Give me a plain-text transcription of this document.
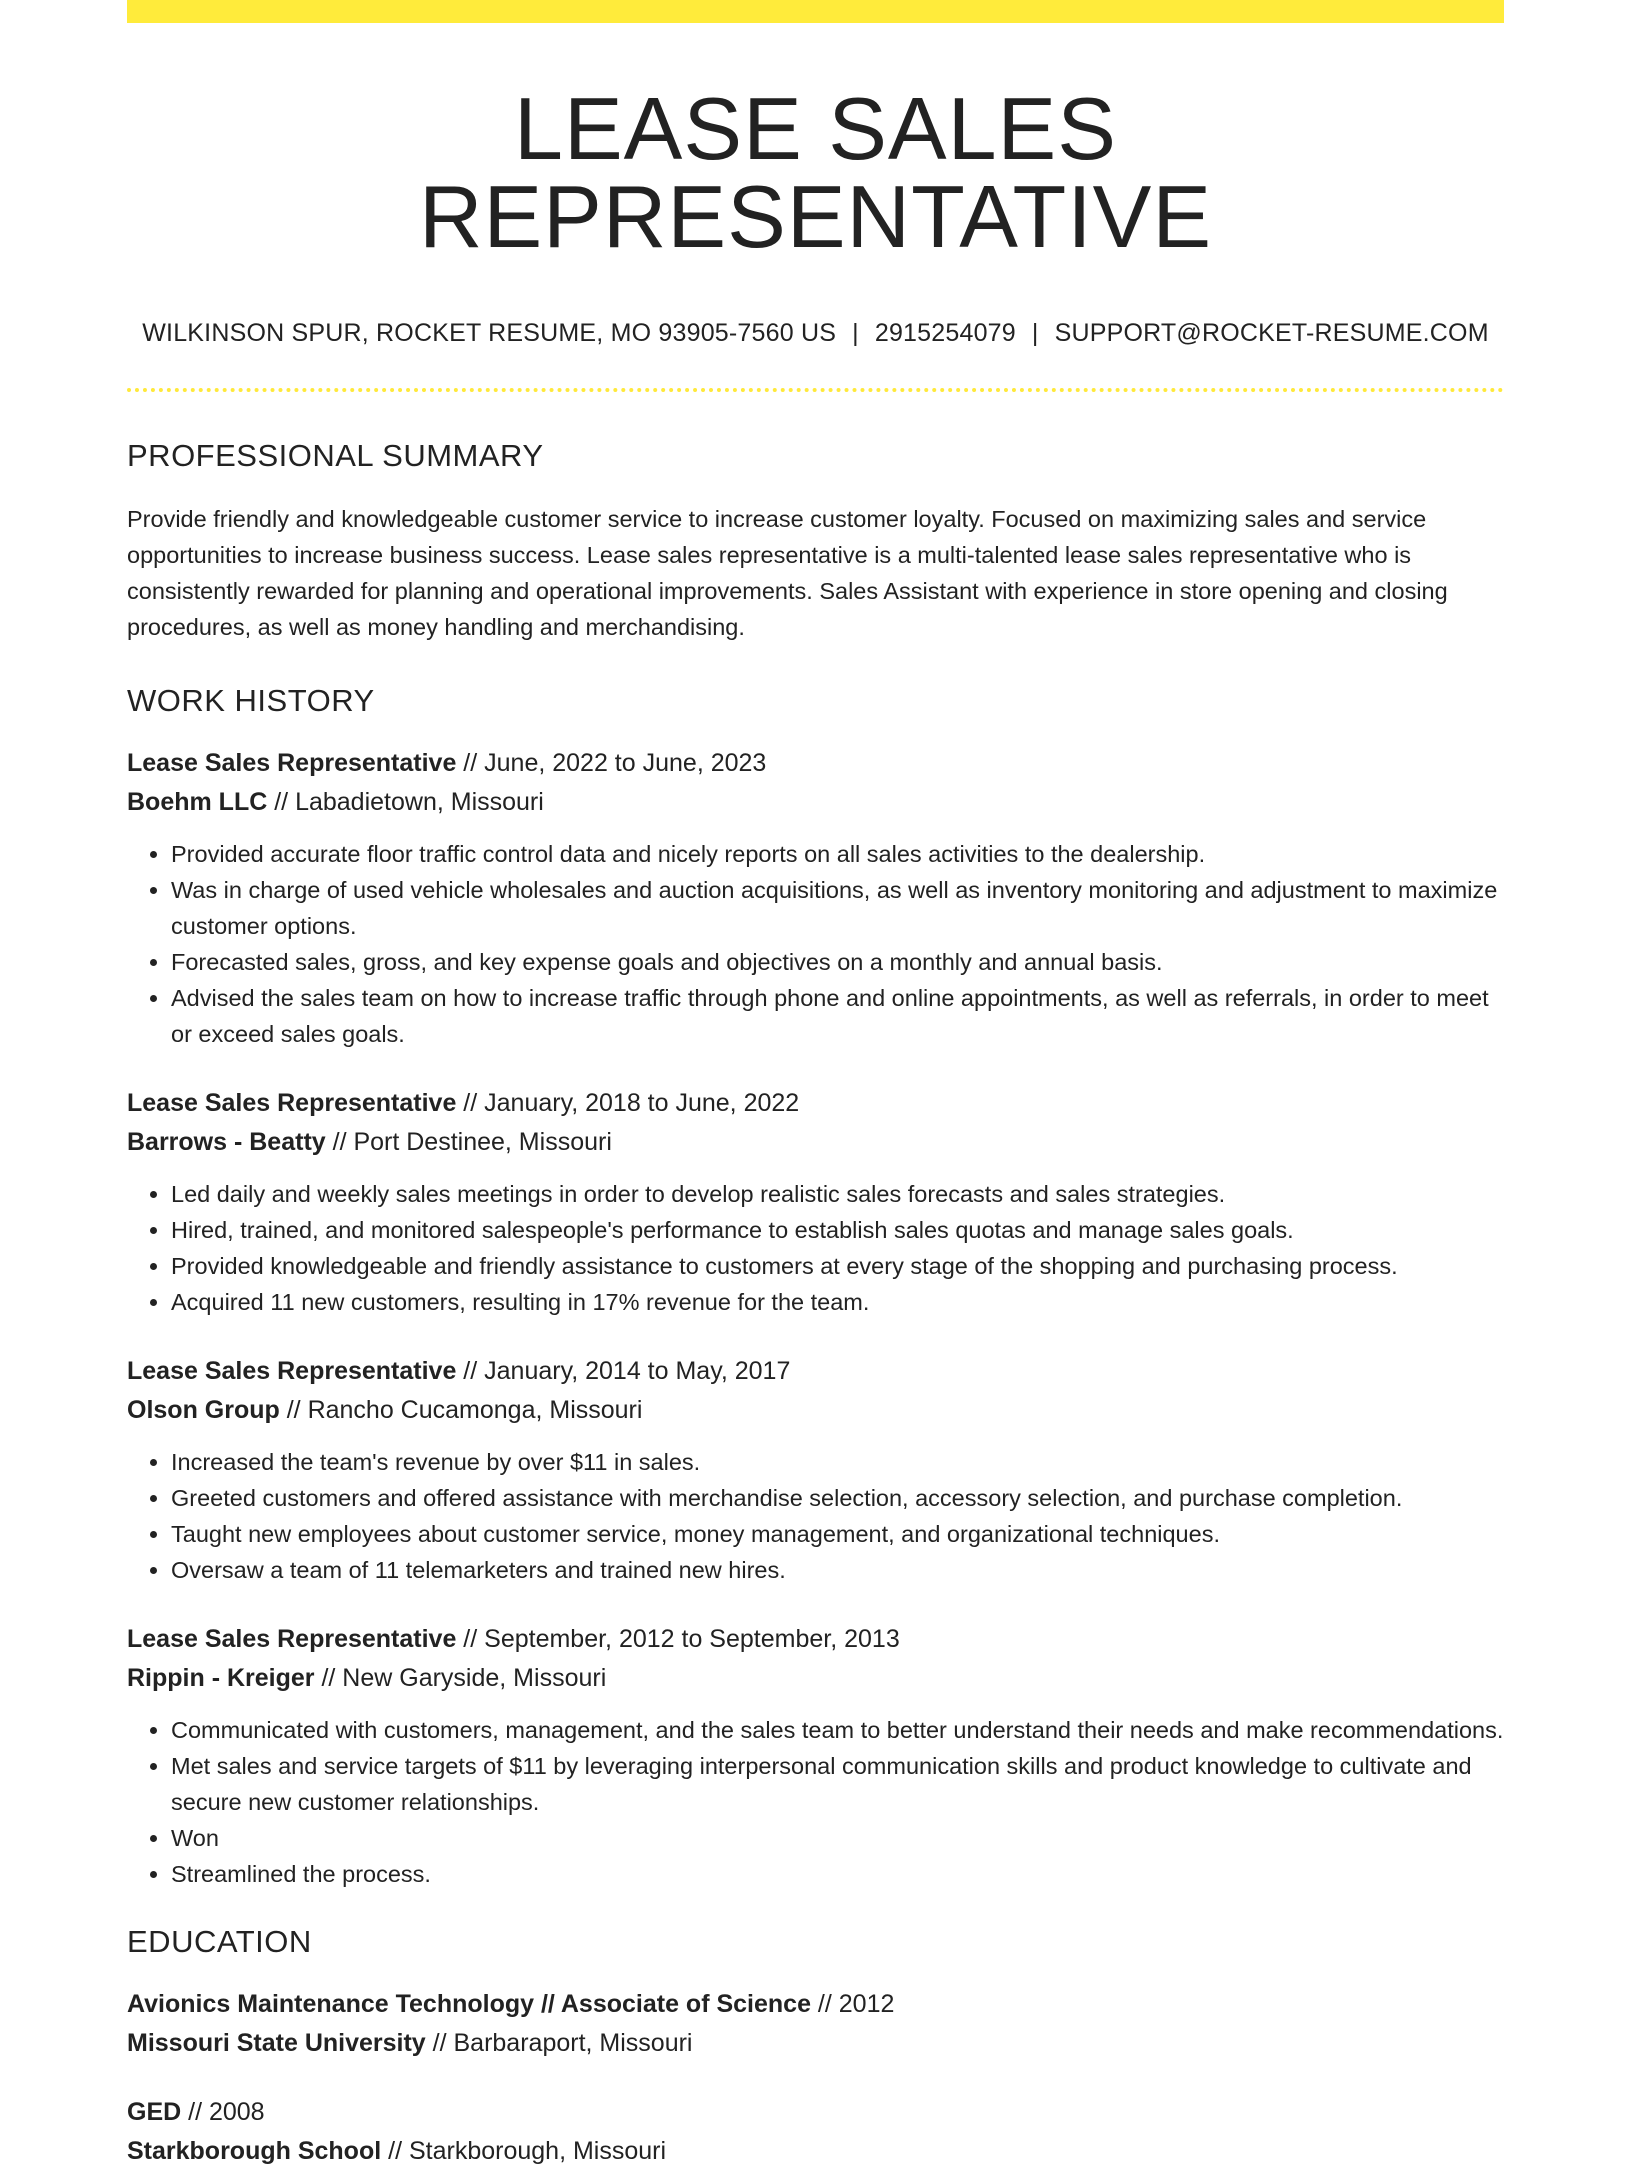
LEASE SALES REPRESENTATIVE
WILKINSON SPUR, ROCKET RESUME, MO 93905-7560 US | 2915254079 | SUPPORT@ROCKET-RESUME.COM
PROFESSIONAL SUMMARY
Provide friendly and knowledgeable customer service to increase customer loyalty. Focused on maximizing sales and service opportunities to increase business success. Lease sales representative is a multi-talented lease sales representative who is consistently rewarded for planning and operational improvements. Sales Assistant with experience in store opening and closing procedures, as well as money handling and merchandising.
WORK HISTORY
Lease Sales Representative // June, 2022 to June, 2023
Boehm LLC // Labadietown, Missouri
• Provided accurate floor traffic control data and nicely reports on all sales activities to the dealership.
• Was in charge of used vehicle wholesales and auction acquisitions, as well as inventory monitoring and adjustment to maximize customer options.
• Forecasted sales, gross, and key expense goals and objectives on a monthly and annual basis.
• Advised the sales team on how to increase traffic through phone and online appointments, as well as referrals, in order to meet or exceed sales goals.
Lease Sales Representative // January, 2018 to June, 2022
Barrows - Beatty // Port Destinee, Missouri
• Led daily and weekly sales meetings in order to develop realistic sales forecasts and sales strategies.
• Hired, trained, and monitored salespeople's performance to establish sales quotas and manage sales goals.
• Provided knowledgeable and friendly assistance to customers at every stage of the shopping and purchasing process.
• Acquired 11 new customers, resulting in 17% revenue for the team.
Lease Sales Representative // January, 2014 to May, 2017
Olson Group // Rancho Cucamonga, Missouri
• Increased the team's revenue by over $11 in sales.
• Greeted customers and offered assistance with merchandise selection, accessory selection, and purchase completion.
• Taught new employees about customer service, money management, and organizational techniques.
• Oversaw a team of 11 telemarketers and trained new hires.
Lease Sales Representative // September, 2012 to September, 2013
Rippin - Kreiger // New Garyside, Missouri
• Communicated with customers, management, and the sales team to better understand their needs and make recommendations.
• Met sales and service targets of $11 by leveraging interpersonal communication skills and product knowledge to cultivate and secure new customer relationships.
• Won
• Streamlined the process.
EDUCATION
Avionics Maintenance Technology // Associate of Science // 2012
Missouri State University // Barbaraport, Missouri
GED // 2008
Starkborough School // Starkborough, Missouri
